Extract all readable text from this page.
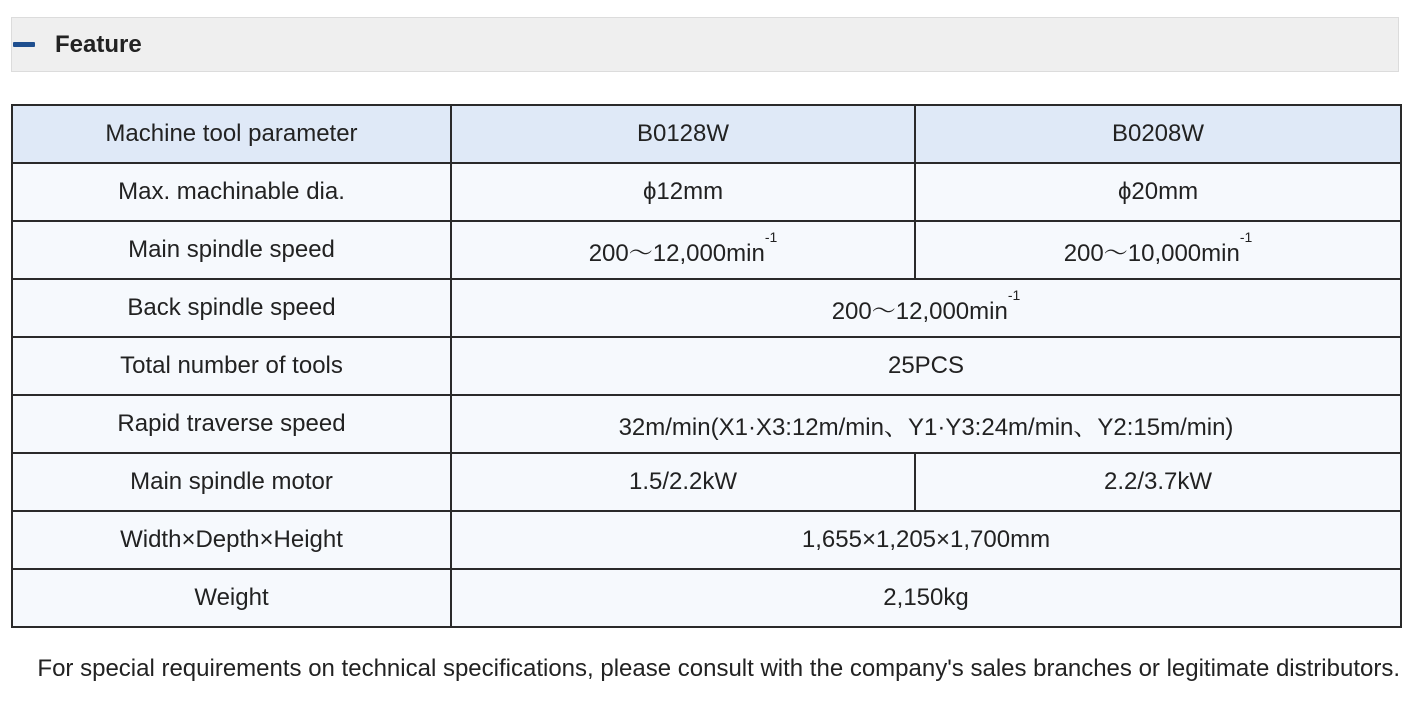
Feature
Machine tool parameter	B0128W	B0208W
Max. machinable dia.	ϕ12mm	ϕ20mm
Main spindle speed	$200\sim 12,000\min^{-1}$	$200\sim 10,000\min^{-1}$
Back spindle speed	$200\sim 12,000\min^{-1}$
Total number of tools	25PCS	
Rapid traverse speed	32m/min(X1·X3:12m/min、Y1·Y3:24m/min、Y2:15m/min)	
Main spindle motor	1.5/2.2kW	2.2/3.7kW
Width×Depth×Height	1,655×1,205×1,700mm	
Weight	2,150kg	
For special requirements on technical specifications, please consult with the company's sales branches or legitimate distributors.
